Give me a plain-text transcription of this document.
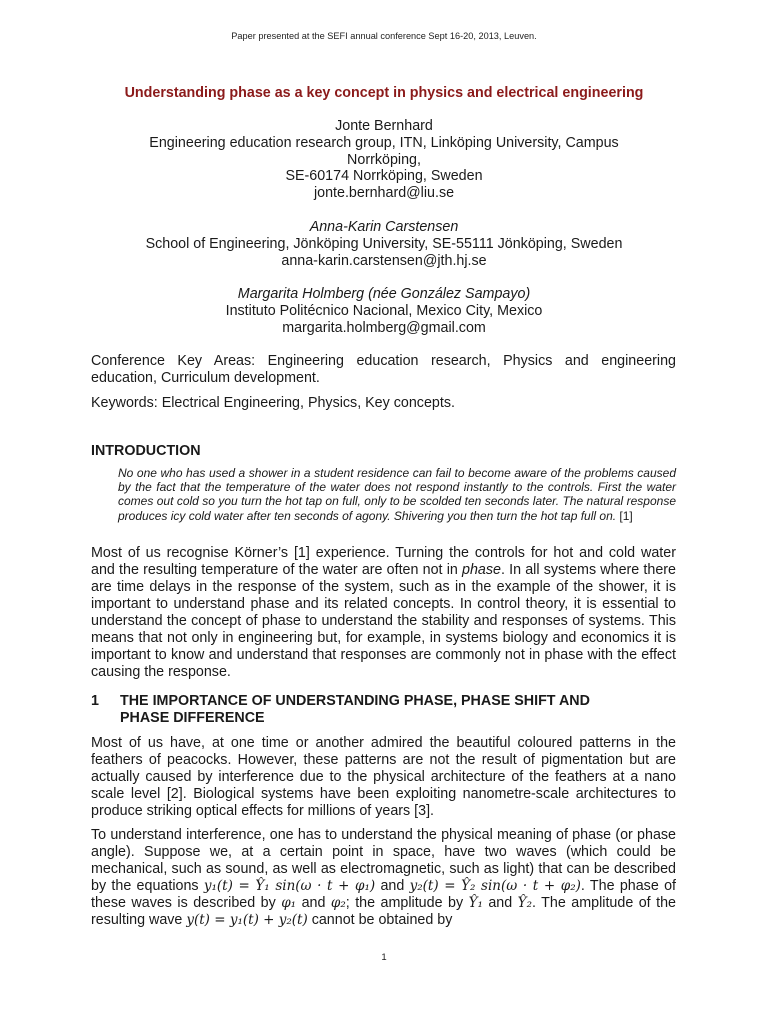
Paper presented at the SEFI annual conference Sept 16-20, 2013, Leuven.
Understanding phase as a key concept in physics and electrical engineering
Jonte Bernhard
Engineering education research group, ITN, Linköping University, Campus
Norrköping,
SE-60174 Norrköping, Sweden
jonte.bernhard@liu.se
Anna-Karin Carstensen
School of Engineering, Jönköping University, SE-55111 Jönköping, Sweden
anna-karin.carstensen@jth.hj.se
Margarita Holmberg (née González Sampayo)
Instituto Politécnico Nacional, Mexico City, Mexico
margarita.holmberg@gmail.com
Conference Key Areas: Engineering education research, Physics and engineering education, Curriculum development.
Keywords: Electrical Engineering, Physics, Key concepts.
INTRODUCTION
No one who has used a shower in a student residence can fail to become aware of the problems caused by the fact that the temperature of the water does not respond instantly to the controls. First the water comes out cold so you turn the hot tap on full, only to be scolded ten seconds later. The natural response produces icy cold water after ten seconds of agony. Shivering you then turn the hot tap full on. [1]
Most of us recognise Körner’s [1] experience. Turning the controls for hot and cold water and the resulting temperature of the water are often not in phase. In all systems where there are time delays in the response of the system, such as in the example of the shower, it is important to understand phase and its related concepts. In control theory, it is essential to understand the concept of phase to understand the stability and responses of systems. This means that not only in engineering but, for example, in systems biology and economics it is important to know and understand that responses are commonly not in phase with the effect causing the response.
1 THE IMPORTANCE OF UNDERSTANDING PHASE, PHASE SHIFT AND PHASE DIFFERENCE
Most of us have, at one time or another admired the beautiful coloured patterns in the feathers of peacocks. However, these patterns are not the result of pigmentation but are actually caused by interference due to the physical architecture of the feathers at a nano scale level [2]. Biological systems have been exploiting nanometre-scale architectures to produce striking optical effects for millions of years [3].
To understand interference, one has to understand the physical meaning of phase (or phase angle). Suppose we, at a certain point in space, have two waves (which could be mechanical, such as sound, as well as electromagnetic, such as light) that can be described by the equations y₁(t) = Ŷ₁ sin(ω · t + φ₁) and y₂(t) = Ŷ₂ sin(ω · t + φ₂). The phase of these waves is described by φ₁ and φ₂; the amplitude by Ŷ₁ and Ŷ₂. The amplitude of the resulting wave y(t) = y₁(t) + y₂(t) cannot be obtained by
1
